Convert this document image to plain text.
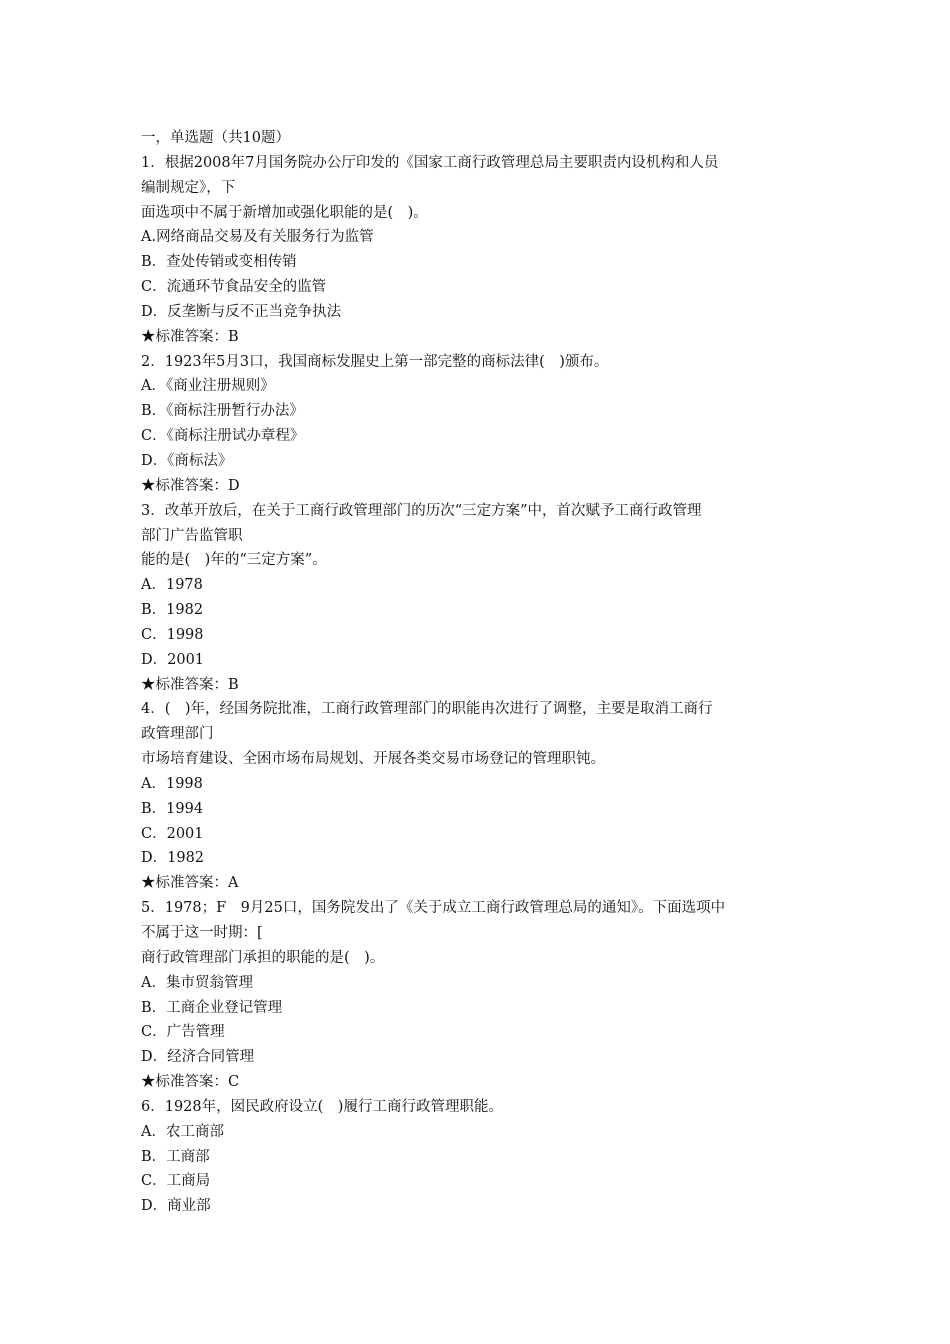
一，单选题（共10题）
1．根据2008年7月国务院办公厅印发的《国家工商行政管理总局主要职责内设机构和人员
编制规定》，下
面选项中不属于新增加或强化职能的是(　)。
A.网络商品交易及有关服务行为监管
B．查处传销或变相传销
C．流通环节食品安全的监管
D．反垄断与反不正当竞争执法
★标准答案：B
2．1923年5月3口，我国商标发腥史上第一部完整的商标法律(　)颁布。
A．《商业注册规则》
B．《商标注册暂行办法》
C．《商标注册试办章程》
D．《商标法》
★标准答案：D
3．改革开放后，在关于工商行政管理部门的历次“三定方案”中，首次赋予工商行政管理
部门广告监管职
能的是(　)年的“三定方案”。
A．1978
B．1982
C．1998
D．2001
★标准答案：B
4．(　)年，经国务院批准，工商行政管理部门的职能冉次进行了调整，主要是取消工商行
政管理部门
市场培育建设、全困市场布局规划、开展各类交易市场登记的管理职钝。
A．1998
B．1994
C．2001
D．1982
★标准答案：A
5．1978；F　9月25口，国务院发出了《关于成立工商行政管理总局的通知》。下面选项中
不属于这一时期：[
商行政管理部门承担的职能的是(　)。
A．集市贸翁管理
B．工商企业登记管理
C．广告管理
D．经济合同管理
★标准答案：C
6．1928年，囡民政府设立(　)履行工商行政管理职能。
A．农工商部
B．工商部
C．工商局
D．商业部
